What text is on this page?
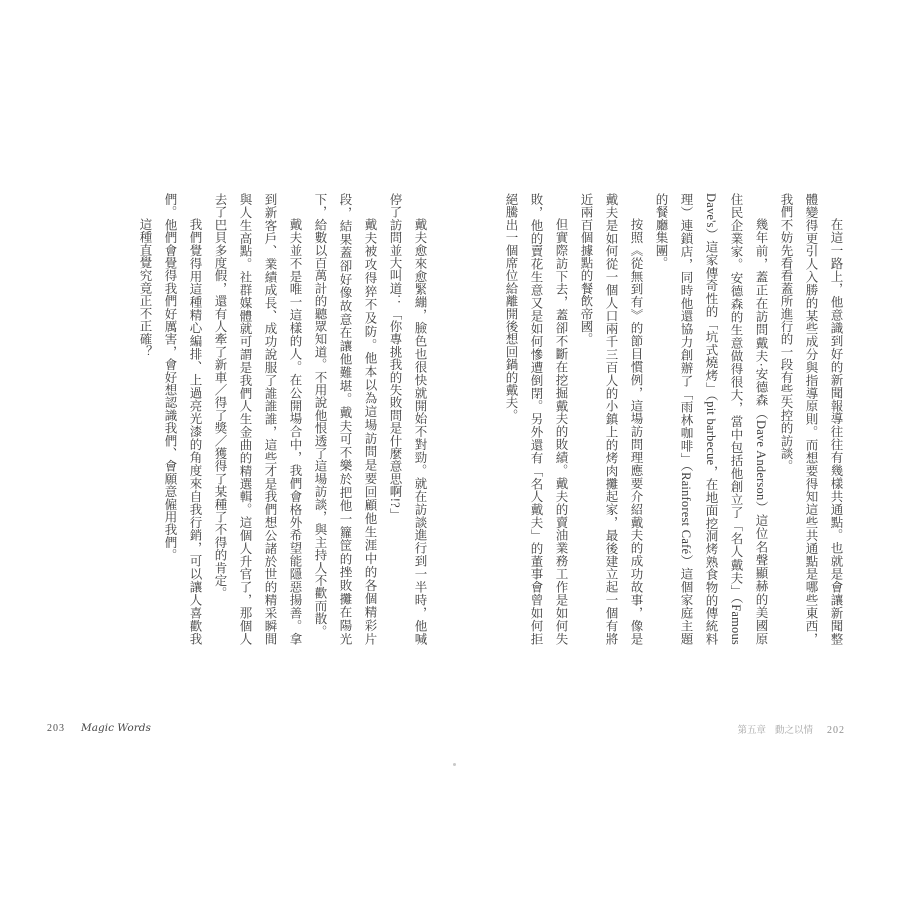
在這一路上，他意識到好的新聞報導往往有幾樣共通點。也就是會讓新聞整體變得更引人入勝的某些成分與指導原則。而想要得知這些共通點是哪些東西，我們不妨先看看蓋所進行的一段有些失控的訪談。

幾年前，蓋正在訪問戴夫·安德森（Dave Anderson）這位名聲顯赫的美國原住民企業家。安德森的生意做得很大，當中包括他創立了「名人戴夫」（Famous Dave's）這家傳奇性的「坑式燒烤」（pit barbecue，在地面挖洞烤熟食物的傳統料理）連鎖店，同時他還協力創辦了「雨林咖啡」（Rainforest Café）這個家庭主題的餐廳集團。

按照《從無到有》的節目慣例，這場訪問理應要介紹戴夫的成功故事，像是戴夫是如何從一個人口兩千三百人的小鎮上的烤肉攤起家，最後建立起一個有將近兩百個據點的餐飲帝國。

但實際訪下去，蓋卻不斷在挖掘戴夫的敗績。戴夫的賣油業務工作是如何失敗，他的賣花生意又是如何慘遭倒閉。另外還有「名人戴夫」的董事會曾如何拒絕騰出一個席位給離開後想回鍋的戴夫。

戴夫愈來愈緊繃，臉色也很快就開始不對勁。就在訪談進行到一半時，他喊停了訪問並大叫道：「你專挑我的失敗問是什麼意思啊!?」

戴夫被攻得猝不及防。他本以為這場訪問是要回顧他生涯中的各個精彩片段，結果蓋卻好像故意在讓他難堪。戴夫可不樂於把他一籮筐的挫敗攤在陽光下，給數以百萬計的聽眾知道。不用說他恨透了這場訪談，與主持人不歡而散。

戴夫並不是唯一這樣的人。在公開場合中，我們會格外希望能隱惡揚善。拿到新客戶、業績成長、成功說服了誰誰誰，這些才是我們想公諸於世的精采瞬間與人生高點。社群媒體就可謂是我們人生金曲的精選輯。這個人升官了，那個人去了巴貝多度假，還有人牽了新車／得了獎／獲得了某種了不得的肯定。

我們覺得用這種精心編排、上過亮光漆的角度來自我行銷，可以讓人喜歡我們。他們會覺得我們好厲害，會好想認識我們、會願意僱用我們。

這種直覺究竟正不正確？

203 Magic Words	第五章 動之以情 202
